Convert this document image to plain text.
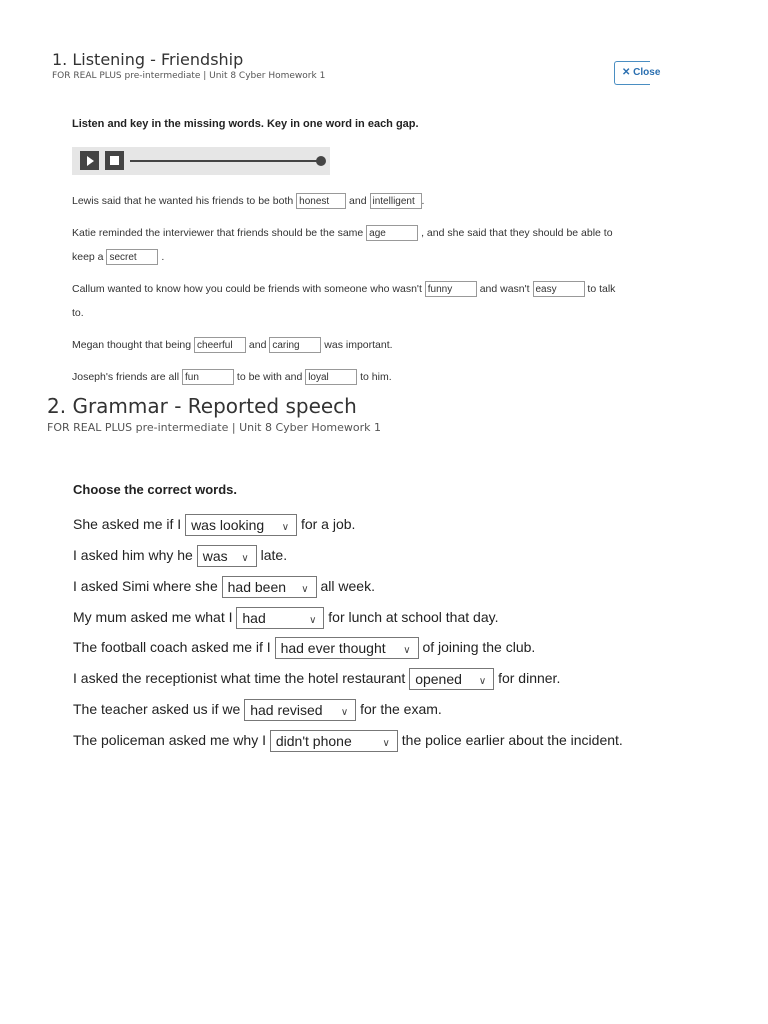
1. Listening - Friendship
FOR REAL PLUS pre-intermediate | Unit 8 Cyber Homework 1	✕ Close
Listen and key in the missing words. Key in one word in each gap.
Lewis said that he wanted his friends to be both honest and intelligent .
Katie reminded the interviewer that friends should be the same age	, and she said that they should be able to
keep a secret .
Callum wanted to know how you could be friends with someone who wasn't funny and wasn't easy	to talk
to.
Megan thought that being cheerful and caring was important.
Joseph's friends are all fun	to be with and loyal	to him.
2. Grammar - Reported speech
FOR REAL PLUS pre-intermediate | Unit 8 Cyber Homework 1
Choose the correct words.
She asked me if I was looking ∨ for a job.
I asked him why he was ∨ late.
I asked Simi where she had been ∨ all week.
My mum asked me what I had	∨ for lunch at school that day.
The football coach asked me if I had ever thought ∨ of joining the club.
I asked the receptionist what time the hotel restaurant opened ∨ for dinner.
The teacher asked us if we had revised ∨ for the exam.
The policeman asked me why I didn't phone	∨ the police earlier about the incident.
